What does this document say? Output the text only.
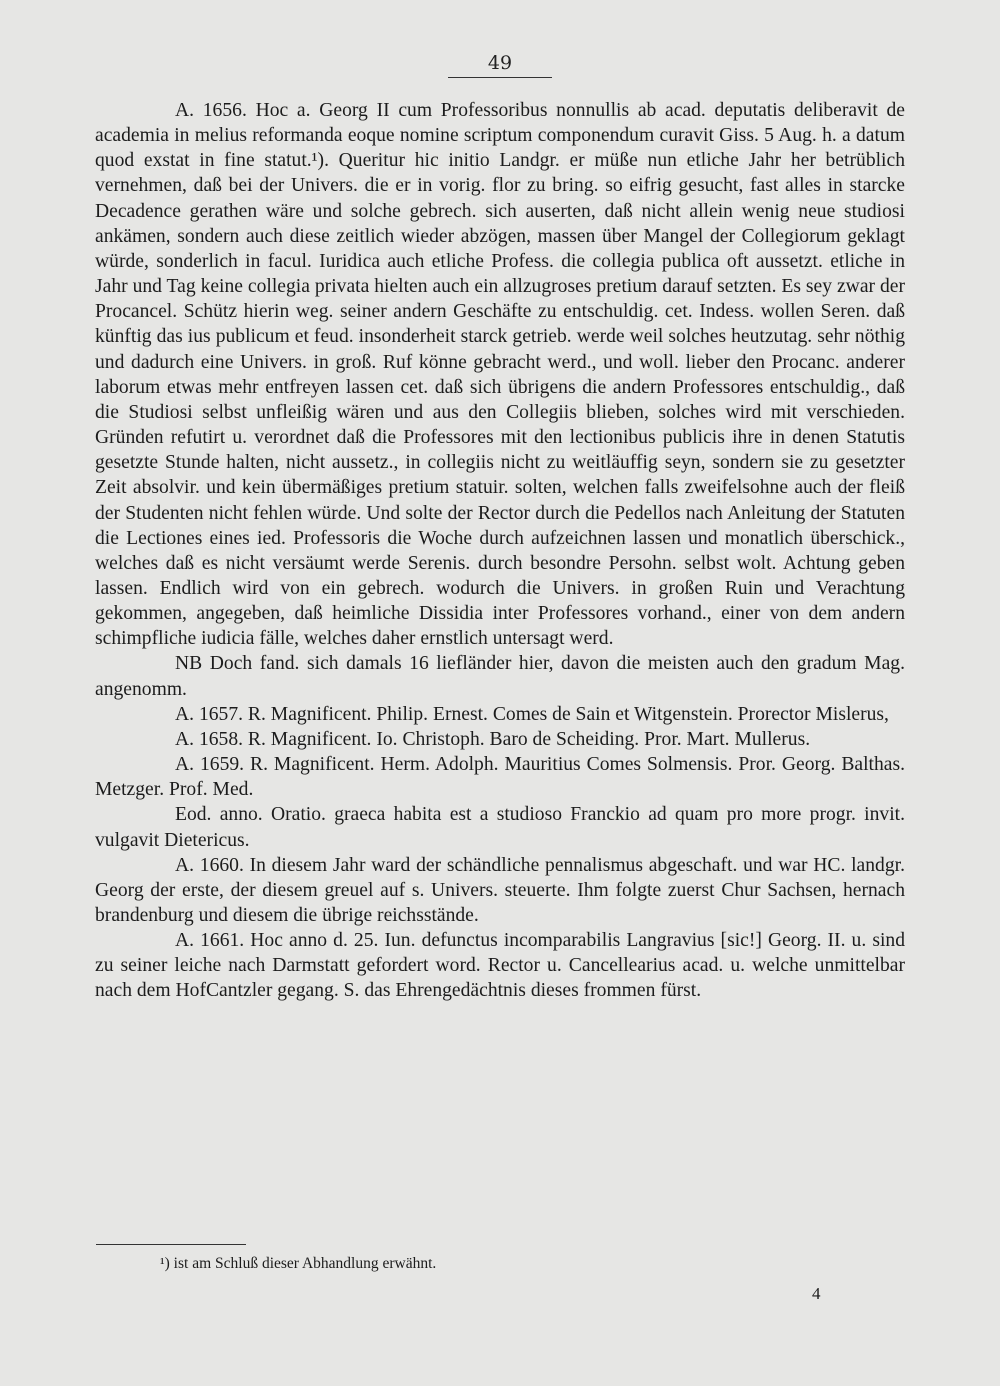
49

A. 1656. Hoc a. Georg II cum Professoribus nonnullis ab acad. deputatis deliberavit de academia in melius reformanda eoque nomine scriptum componendum curavit Giss. 5 Aug. h. a datum quod exstat in fine statut.¹). Queritur hic initio Landgr. er müße nun etliche Jahr her betrüblich vernehmen, daß bei der Univers. die er in vorig. flor zu bring. so eifrig gesucht, fast alles in starcke Decadence gerathen wäre und solche gebrech. sich auserten, daß nicht allein wenig neue studiosi ankämen, sondern auch diese zeitlich wieder abzögen, massen über Mangel der Collegiorum geklagt würde, sonderlich in facul. Iuridica auch etliche Profess. die collegia publica oft aussetzt. etliche in Jahr und Tag keine collegia privata hielten auch ein allzugroses pretium darauf setzten. Es sey zwar der Procancel. Schütz hierin weg. seiner andern Geschäfte zu entschuldig. cet. Indess. wollen Seren. daß künftig das ius publicum et feud. insonderheit starck getrieb. werde weil solches heutzutag. sehr nöthig und dadurch eine Univers. in groß. Ruf könne gebracht werd., und woll. lieber den Procanc. anderer laborum etwas mehr entfreyen lassen cet. daß sich übrigens die andern Professores entschuldig., daß die Studiosi selbst unfleißig wären und aus den Collegiis blieben, solches wird mit verschieden. Gründen refutirt u. verordnet daß die Professores mit den lectionibus publicis ihre in denen Statutis gesetzte Stunde halten, nicht aussetz., in collegiis nicht zu weitläuffig seyn, sondern sie zu gesetzter Zeit absolvir. und kein übermäßiges pretium statuir. solten, welchen falls zweifelsohne auch der fleiß der Studenten nicht fehlen würde. Und solte der Rector durch die Pedellos nach Anleitung der Statuten die Lectiones eines ied. Professoris die Woche durch aufzeichnen lassen und monatlich überschick., welches daß es nicht versäumt werde Serenis. durch besondre Persohn. selbst wolt. Achtung geben lassen. Endlich wird von ein gebrech. wodurch die Univers. in großen Ruin und Verachtung gekommen, angegeben, daß heimliche Dissidia inter Professores vorhand., einer von dem andern schimpfliche iudicia fälle, welches daher ernstlich untersagt werd.

NB Doch fand. sich damals 16 liefländer hier, davon die meisten auch den gradum Mag. angenomm.

A. 1657. R. Magnificent. Philip. Ernest. Comes de Sain et Witgenstein. Prorector Mislerus,

A. 1658. R. Magnificent. Io. Christoph. Baro de Scheiding. Pror. Mart. Mullerus.

A. 1659. R. Magnificent. Herm. Adolph. Mauritius Comes Solmensis. Pror. Georg. Balthas. Metzger. Prof. Med.

Eod. anno. Oratio. graeca habita est a studioso Franckio ad quam pro more progr. invit. vulgavit Dietericus.

A. 1660. In diesem Jahr ward der schändliche pennalismus abgeschaft. und war HC. landgr. Georg der erste, der diesem greuel auf s. Univers. steuerte. Ihm folgte zuerst Chur Sachsen, hernach brandenburg und diesem die übrige reichsstände.

A. 1661. Hoc anno d. 25. Iun. defunctus incomparabilis Langravius [sic!] Georg. II. u. sind zu seiner leiche nach Darmstatt gefordert word. Rector u. Cancellearius acad. u. welche unmittelbar nach dem HofCantzler gegang. S. das Ehrengedächtnis dieses frommen fürst.

¹) ist am Schluß dieser Abhandlung erwähnt.
4
